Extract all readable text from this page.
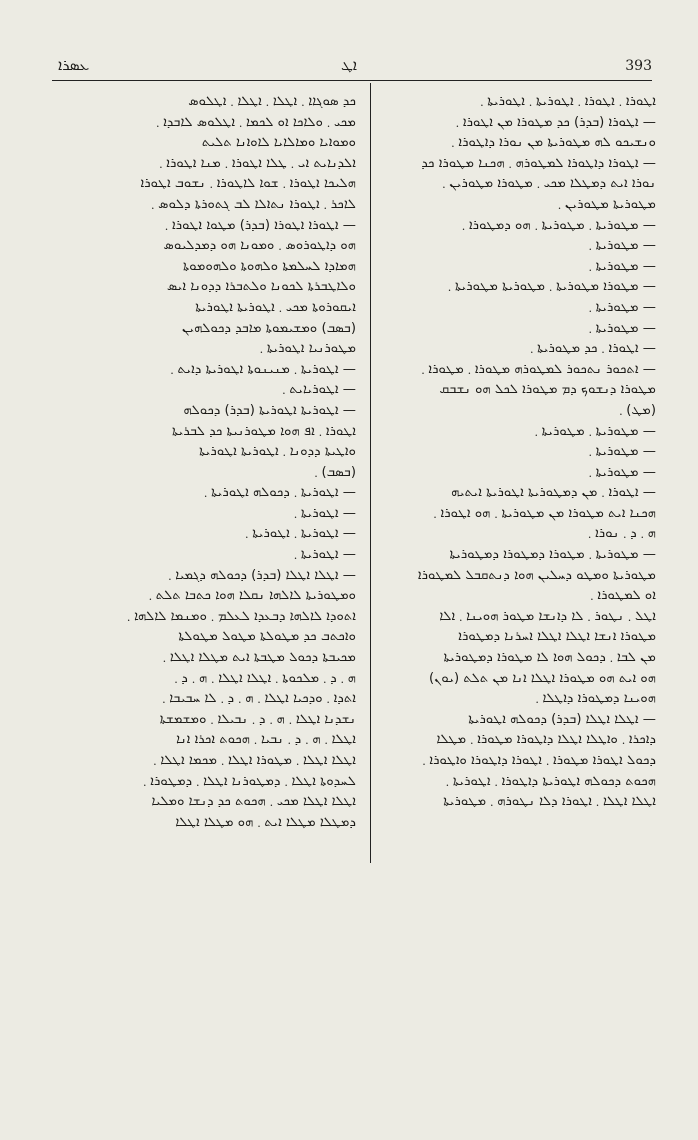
ܥܣܪܐ	ܐܛ	393
ܟܕ ܣܘܓܐܐ ܂ ܐܛܠܐ ܂ ܐܛܠܐ ܂ ܐܛܠܘܣ
ܡܟܝ ܂ ܘܠܐܟܐ ܐܘ ܠܟܡܐ ܂ ܐܛܠܘܣ ܠܐܒܕܐ ܂
ܘܡܘܐܝܐ ܘܡܐܠܐܝܐ ܠܐܘܐܢܐ ܬܠܝܬ
ܐܠܕܢܐܝܬ ܐܝ ܂ ܛܠܐ ܐܛܘܪܐ ܂ ܡܢܐ ܐܛܘܪܐ ܂
ܗܠܝܟܐ ܐܛܘܪܐ ܂ ܫܘܐ ܠܐܛܘܪܐ ܂ ܢܫܘܒ ܐܛܘܪܐ
ܠܐܟܪ ܂ ܐܛܘܪܐ ܢܬܐܠܐ ܠܒ ܓܬܘܪܬܐ ܕܠܘܣ ܂
— ܐܛܘܪܐ ܐܛܘܪܐ (ܒܕܪ) ܡܛܘܐ ܐܛܘܪܐ ܂
ܗܘ ܕܐܛܘܪܘܣ ܂ ܘܡܘܢܐ ܗܘ ܕܡܕܠܝܘܣ
ܗܡܐܕܐ ܠܚܠܡܬܐ ܘܠܗܘܬܐ ܘܠܗܘܡܘܬܐ
ܘܠܐܛܒܪܬܐ ܠܟܘܢܐ ܘܠܬܒܪܐ ܕܕܘܢܐ ܐܝܣ
ܐܝܩܘܪܘܬܐ ܡܟܝ ܂ ܐܛܘܪܝܬܐ ܐܛܘܪܝܬܐ
(ܒܣܒ) ܘܡܫܝܡܘܬܐ ܡܐܒܕ ܕܟܘܠܗܝܢ
ܡܛܘܪܢܝܐ ܐܛܘܪܝܬܐ ܂
— ܐܛܘܪܝܬܐ ܂ ܡܢܝܢܘܬܐ ܐܛܘܪܝܬܐ ܕܐܝܬ ܂
— ܐܛܘܪܝܐܝܬ ܂
— ܐܛܘܪܝܬܐ ܐܛܘܪܝܬܐ (ܒܕܪ) ܕܟܘܠܗ
ܐܛܘܪܐ ܂ ܐܦ ܗܘܐ ܡܛܘܪܢܝܬܐ ܟܕ ܠܒܪܝܬܐ
ܘܐܛܝܬܐ ܕܕܘܢܐ ܂ ܐܛܘܪܝܬܐ ܐܛܘܪܝܬܐ
(ܒܣܒ) ܂
— ܐܛܘܪܝܬܐ ܂ ܕܟܘܠܗ ܐܛܘܪܝܬܐ ܂
— ܐܛܘܪܝܬܐ ܂
— ܐܛܘܪܝܬܐ ܂ ܐܛܘܪܝܬܐ ܂
— ܐܛܘܪܝܬܐ ܂
— ܐܛܠܐ ܐܛܠܐ (ܒܕܪ) ܕܟܘܠܗ ܕܓܡܝܐ ܂
ܘܡܛܘܪܝܬܐ ܠܐܠܗܐ ܢܩܠܐ ܗܘܐ ܟܬܒܐ ܬܠܬ ܂
ܐܬܘܕܐ ܠܐܠܗܐ ܕܒܥܕܐ ܠܥܠܡ ܂ ܘܡܢܡܐ ܠܐܠܗܐ ܂
ܘܐܟܬܒ ܟܕ ܡܛܘܠܬܐ ܡܛܘܠ ܡܛܘܠܬܐ
ܡܟܝܒܬܐ ܕܟܘܠ ܡܛܒܬܐ ܐܝܬ ܡܛܠܐ ܐܛܠܐ ܂
ܗ ܂ ܕ ܂ ܡܠܟܘܬܐ ܂ ܐܛܠܐ ܐܛܠܐ ܂ ܗ ܂ ܕ ܂
ܐܬܕܐ ܂ ܘܕܟܝܐ ܐܛܠܐ ܂ ܗ ܂ ܕ ܂ ܠܐ ܚܒܝܒܐ ܂
ܢܫܕܢܐ ܐܛܠܐ ܂ ܗ ܂ ܕ ܂ ܢܒܝܠܐ ܂ ܘܡܫܡܫܬܐ
ܐܛܠܐ ܂ ܗ ܂ ܕ ܂ ܢܒܝܐ ܂ ܗܟܘܬ ܐܟܪܐ ܐܢܐ
ܐܛܠܐ ܐܛܠܐ ܂ ܡܛܘܪܐ ܐܛܠܐ ܂ ܡܟܡܐ ܐܛܠܐ ܂
ܠܚܕܘܬܐ ܐܛܠܐ ܂ ܕܡܛܘܪܢܐ ܐܛܠܐ ܂ ܕܡܛܘܪܐ ܂
ܐܛܠܐ ܐܛܠܐ ܡܟܝ ܂ ܗܟܘܬ ܟܕ ܕܢܫܐ ܘܡܠܝܐ
ܕܡܛܠܐ ܡܛܠܐ ܐܝܬ ܂ ܗܘ ܡܛܠܐ ܐܛܠܐ
ܐܛܘܪܐ ܂ ܐܛܘܪܐ ܂ ܐܛܘܪܝܬܐ ܂ ܐܛܘܪܝܬܐ ܂
— ܐܛܘܪܐ (ܒܕܪ) ܟܕ ܡܛܘܪܐ ܡܢ ܐܛܘܪܐ ܂
ܘܢܫܝܟܘ ܠܗ ܡܛܘܪܝܬܐ ܡܢ ܢܘܪܐ ܕܐܛܘܪܐ ܂
— ܐܛܘܪܐ ܕܐܛܘܪܐ ܠܡܛܘܪܗ ܂ ܗܟܢܐ ܡܛܘܪܐ ܟܕ
ܢܘܪܐ ܐܝܬ ܕܡܛܠܐ ܡܟܝ ܂ ܡܛܘܪܐ ܡܛܘܪܝܢ ܂
ܡܛܘܪܝܬܐ ܡܛܘܪܝܢ ܂
— ܡܛܘܪܝܬܐ ܂ ܡܛܘܪܝܬܐ ܂ ܗܘ ܕܡܛܘܪܐ ܂
— ܡܛܘܪܝܬܐ ܂
— ܡܛܘܪܝܬܐ ܂
— ܡܛܘܪܐ ܡܛܘܪܝܬܐ ܂ ܡܛܘܪܝܬܐ ܡܛܘܪܝܬܐ ܂
— ܡܛܘܪܝܬܐ ܂
— ܡܛܘܪܝܬܐ ܂
— ܐܛܘܪܐ ܂ ܟܕ ܡܛܘܪܝܬܐ ܂
— ܐܬܟܘܪ ܢܬܟܘܪ ܠܡܛܘܪܗ ܡܛܘܪܐ ܂ ܡܛܘܪܐ ܂
ܡܛܘܪܐ ܕܢܫܘܟ ܕܡ ܡܛܘܪܐ ܠܟܠ ܗܘ ܢܫܒܩ
(ܡܛ) ܂
— ܡܛܘܪܝܬܐ ܂ ܡܛܘܪܝܬܐ ܂
— ܡܛܘܪܝܬܐ ܂
— ܡܛܘܪܝܬܐ ܂
— ܐܛܘܪܐ ܂ ܡܢ ܕܡܛܘܪܝܬܐ ܐܛܘܪܝܬܐ ܐܝܬܝܗ
ܗܟܢܐ ܐܝܬ ܡܛܘܪܐ ܡܢ ܡܛܘܪܝܬܐ ܂ ܗܘ ܐܛܘܪܐ ܂
ܗ ܂ ܕ ܂ ܢܘܪܐ ܂
— ܡܛܘܪܝܬܐ ܂ ܡܛܘܪܐ ܕܡܛܘܪܐ ܕܡܛܘܪܝܬܐ
ܡܛܘܪܝܬܐ ܘܡܛܘ ܕܚܠܝܢ ܗܘܐ ܕܢܬܩܒܠ ܠܡܛܘܪܐ
ܐܘ ܠܡܛܘܪܐ ܂
ܐܛܠ ܂ ܢܛܘܪ ܂ ܠܐ ܕܐܢܫܐ ܡܛܘܪ ܗܘܝܢܐ ܂ ܐܠܐ
ܡܛܘܪܐ ܐܢܫܐ ܐܛܠܐ ܐܛܠܐ ܐܚܪܢܐ ܕܡܛܘܪܐ
ܡܢ ܠܒܐ ܂ ܕܟܘܠ ܗܘܐ ܠܐ ܡܛܘܪܐ ܕܡܛܘܪܝܬܐ
ܗܘ ܐܝܬ ܗܘ ܡܛܘܪܐ ܐܛܠܐ ܐܢܐ ܡܢ ܬܠܬ (ܝܘܢ)
ܗܘܝܢܐ ܕܡܛܘܪܐ ܕܐܛܠܐ ܂
— ܐܛܠܐ ܐܛܠܐ (ܒܕܪ) ܕܟܘܠܗ ܐܛܘܪܝܬܐ
ܕܐܟܪܐ ܂ ܘܐܛܠܐ ܐܛܠܐ ܕܐܛܘܪܐ ܡܛܘܪܐ ܂ ܡܛܠܐ
ܕܟܘܠ ܐܛܘܪܐ ܡܛܘܪܐ ܂ ܐܛܘܪܐ ܕܐܛܘܪܐ ܘܐܛܘܪܐ ܂
ܗܟܘܬ ܕܟܘܠܗ ܐܛܘܪܝܬܐ ܕܐܛܘܪܐ ܂ ܐܛܘܪܝܬܐ ܂
ܐܛܠܐ ܐܛܠܐ ܂ ܐܛܘܪܐ ܕܠܐ ܢܛܘܪܗ ܂ ܡܛܘܪܝܬܐ
